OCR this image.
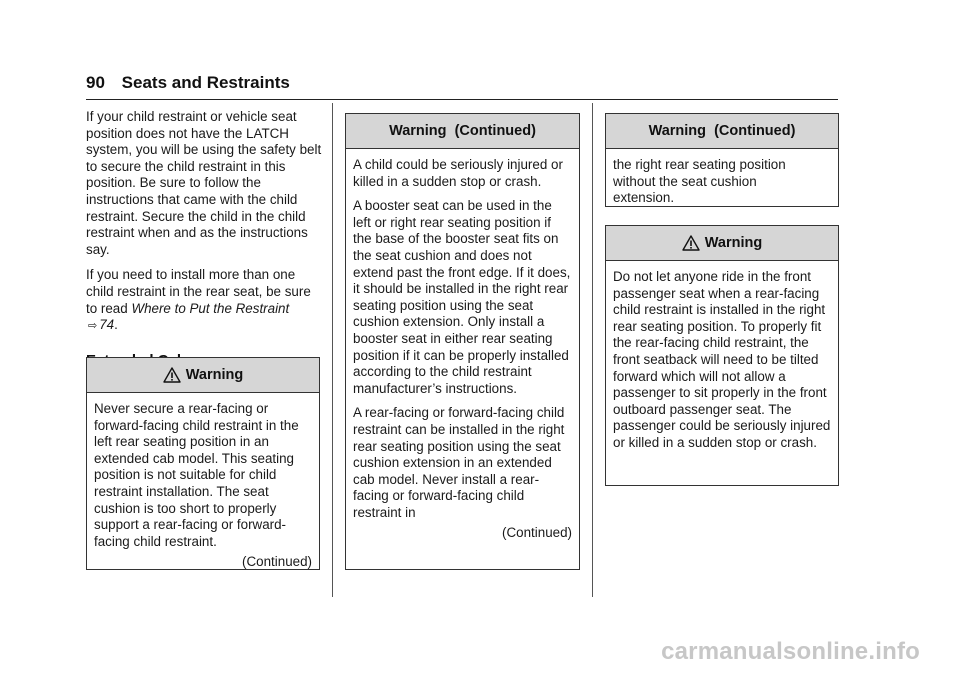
90 Seats and Restraints

If your child restraint or vehicle seat position does not have the LATCH system, you will be using the safety belt to secure the child restraint in this position. Be sure to follow the instructions that came with the child restraint. Secure the child in the child restraint when and as the instructions say.

If you need to install more than one child restraint in the rear seat, be sure to read Where to Put the Restraint ⇨ 74.

Warning

Never secure a rear-facing or forward-facing child restraint in the left rear seating position in an extended cab model. This seating position is not suitable for child restraint installation. The seat cushion is too short to properly support a rear-facing or forward-facing child restraint.

(Continued)
Warning  (Continued)

A child could be seriously injured or killed in a sudden stop or crash.

A booster seat can be used in the left or right rear seating position if the base of the booster seat fits on the seat cushion and does not extend past the front edge. If it does, it should be installed in the right rear seating position using the seat cushion extension. Only install a booster seat in either rear seating position if it can be properly installed according to the child restraint manufacturer’s instructions.

A rear-facing or forward-facing child restraint can be installed in the right rear seating position using the seat cushion extension in an extended cab model. Never install a rear-facing or forward-facing child restraint in

(Continued)
Warning  (Continued)

the right rear seating position without the seat cushion extension.

Warning

Do not let anyone ride in the front passenger seat when a rear-facing child restraint is installed in the right rear seating position. To properly fit the rear-facing child restraint, the front seatback will need to be tilted forward which will not allow a passenger to sit properly in the front outboard passenger seat. The passenger could be seriously injured or killed in a sudden stop or crash.

carmanualsonline.info
